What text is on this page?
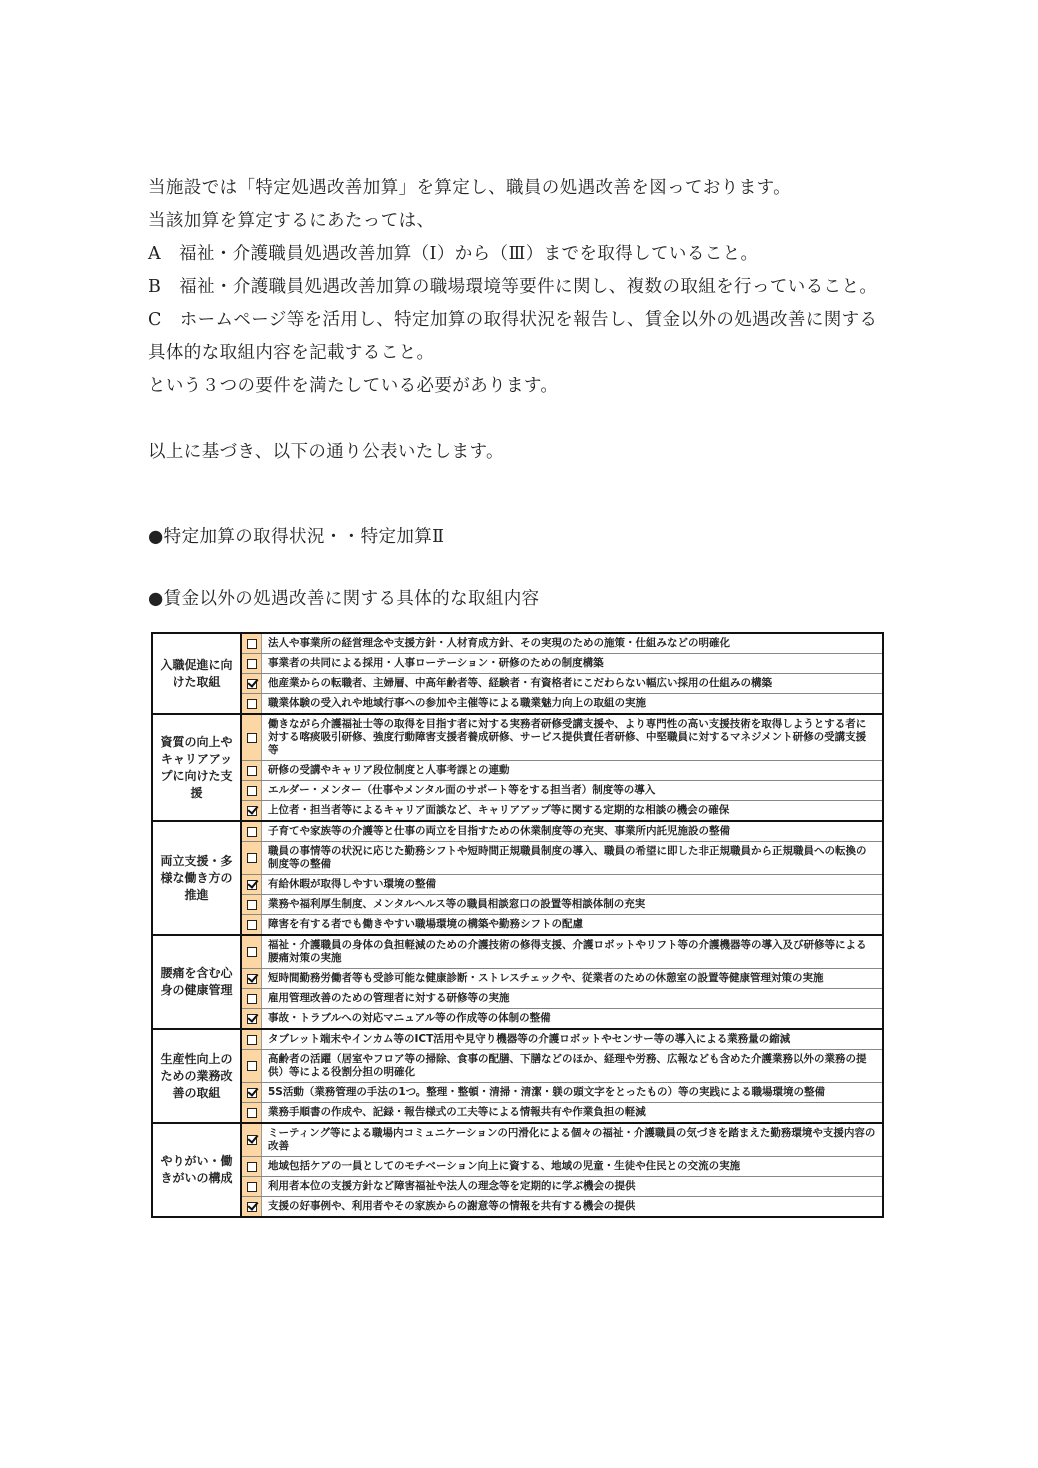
当施設では「特定処遇改善加算」を算定し、職員の処遇改善を図っております。

当該加算を算定するにあたっては、

A　福祉・介護職員処遇改善加算（Ⅰ）から（Ⅲ）までを取得していること。

B　福祉・介護職員処遇改善加算の職場環境等要件に関し、複数の取組を行っていること。

C　ホームページ等を活用し、特定加算の取得状況を報告し、賃金以外の処遇改善に関する

具体的な取組内容を記載すること。

という３つの要件を満たしている必要があります。

以上に基づき、以下の通り公表いたします。

●特定加算の取得状況・・特定加算Ⅱ
●賃金以外の処遇改善に関する具体的な取組内容
入職促進に向けた取組
法人や事業所の経営理念や支援方針・人材育成方針、その実現のための施策・仕組みなどの明確化
事業者の共同による採用・人事ローテーション・研修のための制度構築
他産業からの転職者、主婦層、中高年齢者等、経験者・有資格者にこだわらない幅広い採用の仕組みの構築
職業体験の受入れや地域行事への参加や主催等による職業魅力向上の取組の実施
資質の向上やキャリアアップに向けた支援
働きながら介護福祉士等の取得を目指す者に対する実務者研修受講支援や、より専門性の高い支援技術を取得しようとする者に対する喀痰吸引研修、強度行動障害支援者養成研修、サービス提供責任者研修、中堅職員に対するマネジメント研修の受講支援等
研修の受講やキャリア段位制度と人事考課との連動
エルダー・メンター（仕事やメンタル面のサポート等をする担当者）制度等の導入
上位者・担当者等によるキャリア面談など、キャリアアップ等に関する定期的な相談の機会の確保
両立支援・多様な働き方の推進
子育てや家族等の介護等と仕事の両立を目指すための休業制度等の充実、事業所内託児施設の整備
職員の事情等の状況に応じた勤務シフトや短時間正規職員制度の導入、職員の希望に即した非正規職員から正規職員への転換の制度等の整備
有給休暇が取得しやすい環境の整備
業務や福利厚生制度、メンタルヘルス等の職員相談窓口の設置等相談体制の充実
障害を有する者でも働きやすい職場環境の構築や勤務シフトの配慮
腰痛を含む心身の健康管理
福祉・介護職員の身体の負担軽減のための介護技術の修得支援、介護ロボットやリフト等の介護機器等の導入及び研修等による腰痛対策の実施
短時間勤務労働者等も受診可能な健康診断・ストレスチェックや、従業者のための休憩室の設置等健康管理対策の実施
雇用管理改善のための管理者に対する研修等の実施
事故・トラブルへの対応マニュアル等の作成等の体制の整備
生産性向上のための業務改善の取組
タブレット端末やインカム等のICT活用や見守り機器等の介護ロボットやセンサー等の導入による業務量の縮減
高齢者の活躍（居室やフロア等の掃除、食事の配膳、下膳などのほか、経理や労務、広報なども含めた介護業務以外の業務の提供）等による役割分担の明確化
5S活動（業務管理の手法の1つ。整理・整頓・清掃・清潔・躾の頭文字をとったもの）等の実践による職場環境の整備
業務手順書の作成や、記録・報告様式の工夫等による情報共有や作業負担の軽減
やりがい・働きがいの構成
ミーティング等による職場内コミュニケーションの円滑化による個々の福祉・介護職員の気づきを踏まえた勤務環境や支援内容の改善
地域包括ケアの一員としてのモチベーション向上に資する、地域の児童・生徒や住民との交流の実施
利用者本位の支援方針など障害福祉や法人の理念等を定期的に学ぶ機会の提供
支援の好事例や、利用者やその家族からの謝意等の情報を共有する機会の提供
